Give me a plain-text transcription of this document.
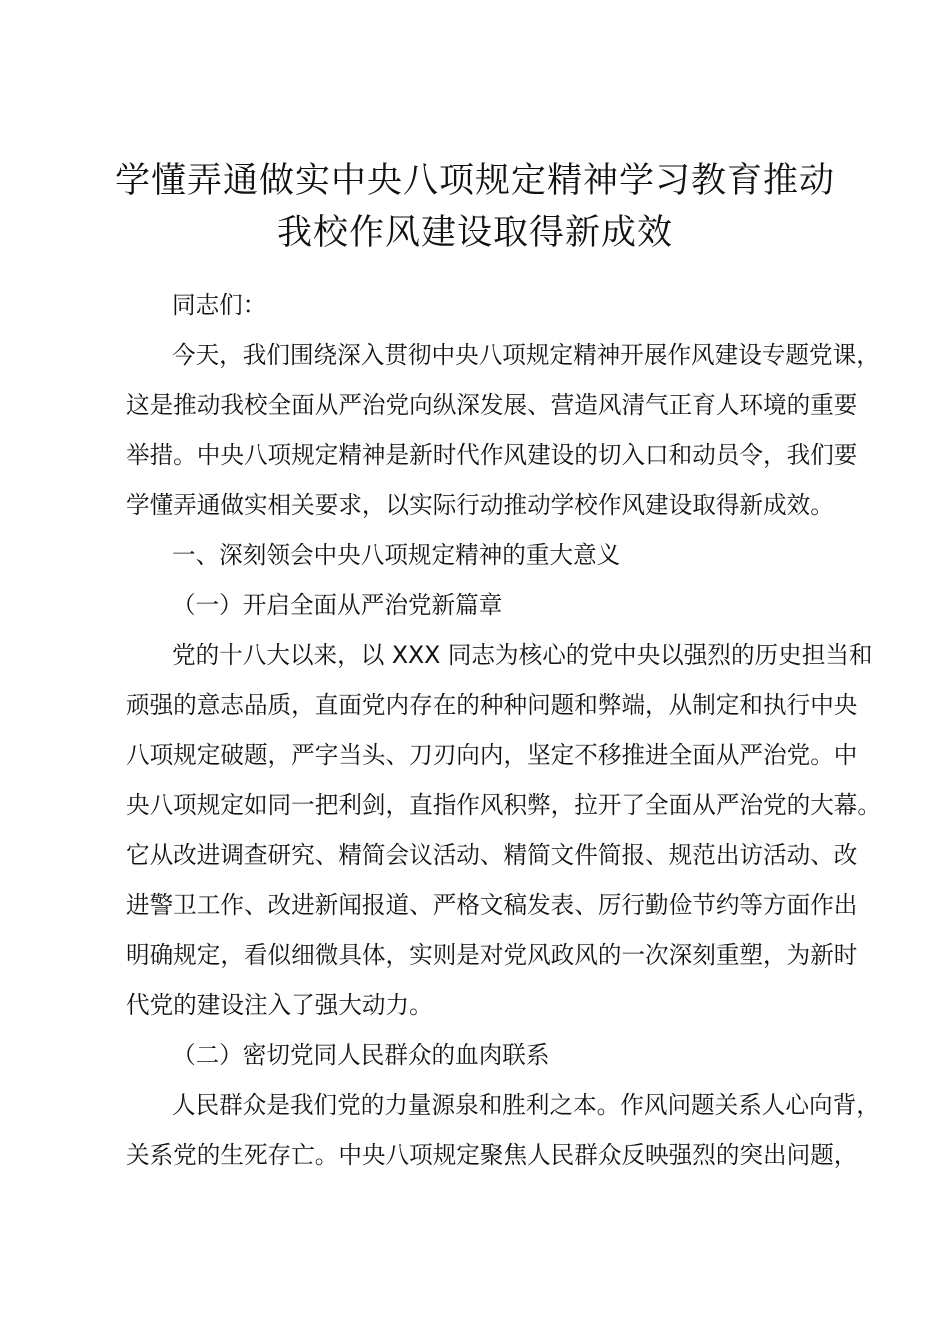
学懂弄通做实中央八项规定精神学习教育推动
我校作风建设取得新成效

同志们：

今天，我们围绕深入贯彻中央八项规定精神开展作风建设专题党课，

这是推动我校全面从严治党向纵深发展、营造风清气正育人环境的重要

举措。中央八项规定精神是新时代作风建设的切入口和动员令，我们要

学懂弄通做实相关要求，以实际行动推动学校作风建设取得新成效。

一、深刻领会中央八项规定精神的重大意义

（一）开启全面从严治党新篇章

党的十八大以来，以 XXX 同志为核心的党中央以强烈的历史担当和

顽强的意志品质，直面党内存在的种种问题和弊端，从制定和执行中央

八项规定破题，严字当头、刀刃向内，坚定不移推进全面从严治党。中

央八项规定如同一把利剑，直指作风积弊，拉开了全面从严治党的大幕。

它从改进调查研究、精简会议活动、精简文件简报、规范出访活动、改

进警卫工作、改进新闻报道、严格文稿发表、厉行勤俭节约等方面作出

明确规定，看似细微具体，实则是对党风政风的一次深刻重塑，为新时

代党的建设注入了强大动力。

（二）密切党同人民群众的血肉联系

人民群众是我们党的力量源泉和胜利之本。作风问题关系人心向背，

关系党的生死存亡。中央八项规定聚焦人民群众反映强烈的突出问题，
